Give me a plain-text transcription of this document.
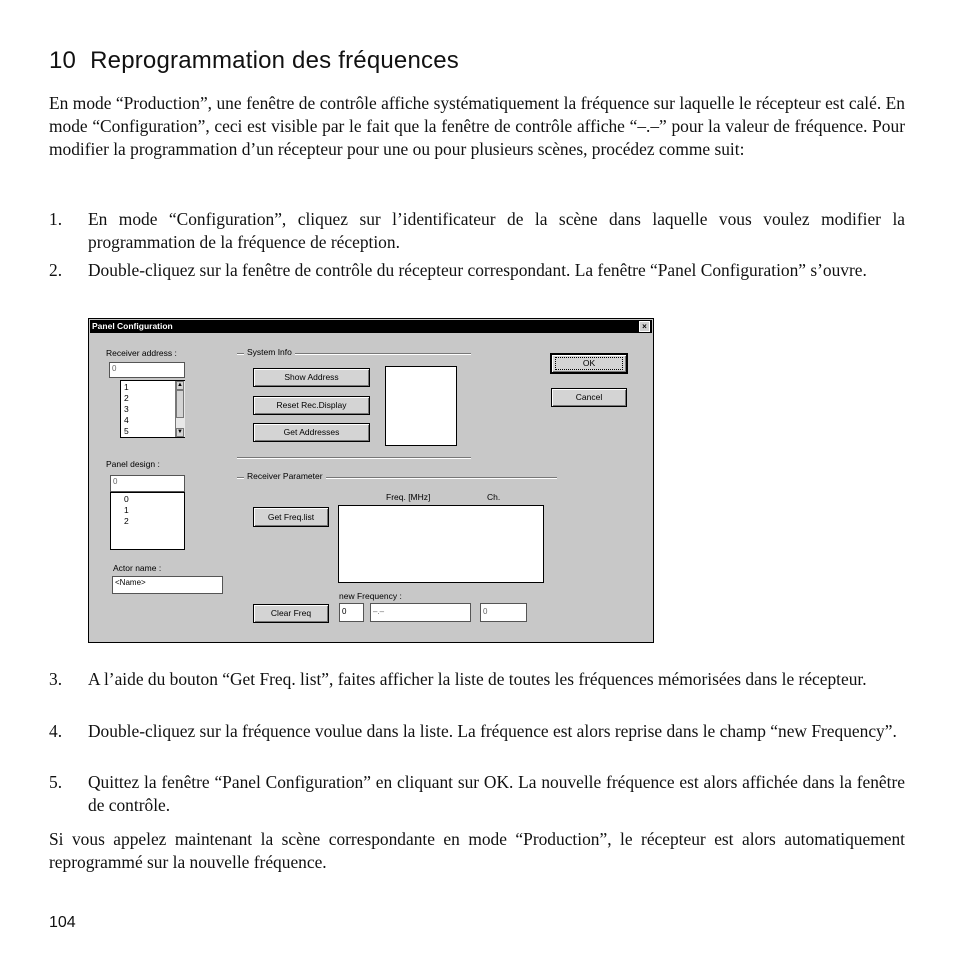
10 Reprogrammation des fréquences

En mode “Production”, une fenêtre de contrôle affiche systématiquement la fréquence sur laquelle le récepteur est calé. En mode “Configuration”, ceci est visible par le fait que la fenêtre de contrôle affiche “–.–” pour la valeur de fréquence. Pour modifier la programmation d’un récepteur pour une ou pour plusieurs scènes, procédez comme suit:

1. En mode “Configuration”, cliquez sur l’identificateur de la scène dans laquelle vous voulez modifier la programmation de la fréquence de réception.
2. Double-cliquez sur la fenêtre de contrôle du récepteur correspondant. La fenêtre “Panel Configuration” s’ouvre.
Panel Configuration	×
Receiver address :
0
1
2
3
4
5
▲
▼
Panel design :
0
0
1
2
Actor name :
<Name>
System Info
Show Address
Reset Rec.Display
Get Addresses
Receiver Parameter
Freq. [MHz]	Ch.
Get Freq.list
new Frequency :
Clear Freq	0	–.–	0
OK
Cancel
3. A l’aide du bouton “Get Freq. list”, faites afficher la liste de toutes les fréquences mémorisées dans le récepteur.
4. Double-cliquez sur la fréquence voulue dans la liste. La fréquence est alors reprise dans le champ “new Frequency”.
5. Quittez la fenêtre “Panel Configuration” en cliquant sur OK. La nouvelle fréquence est alors affichée dans la fenêtre de contrôle.

Si vous appelez maintenant la scène correspondante en mode “Production”, le récepteur est alors automatiquement reprogrammé sur la nouvelle fréquence.

104
